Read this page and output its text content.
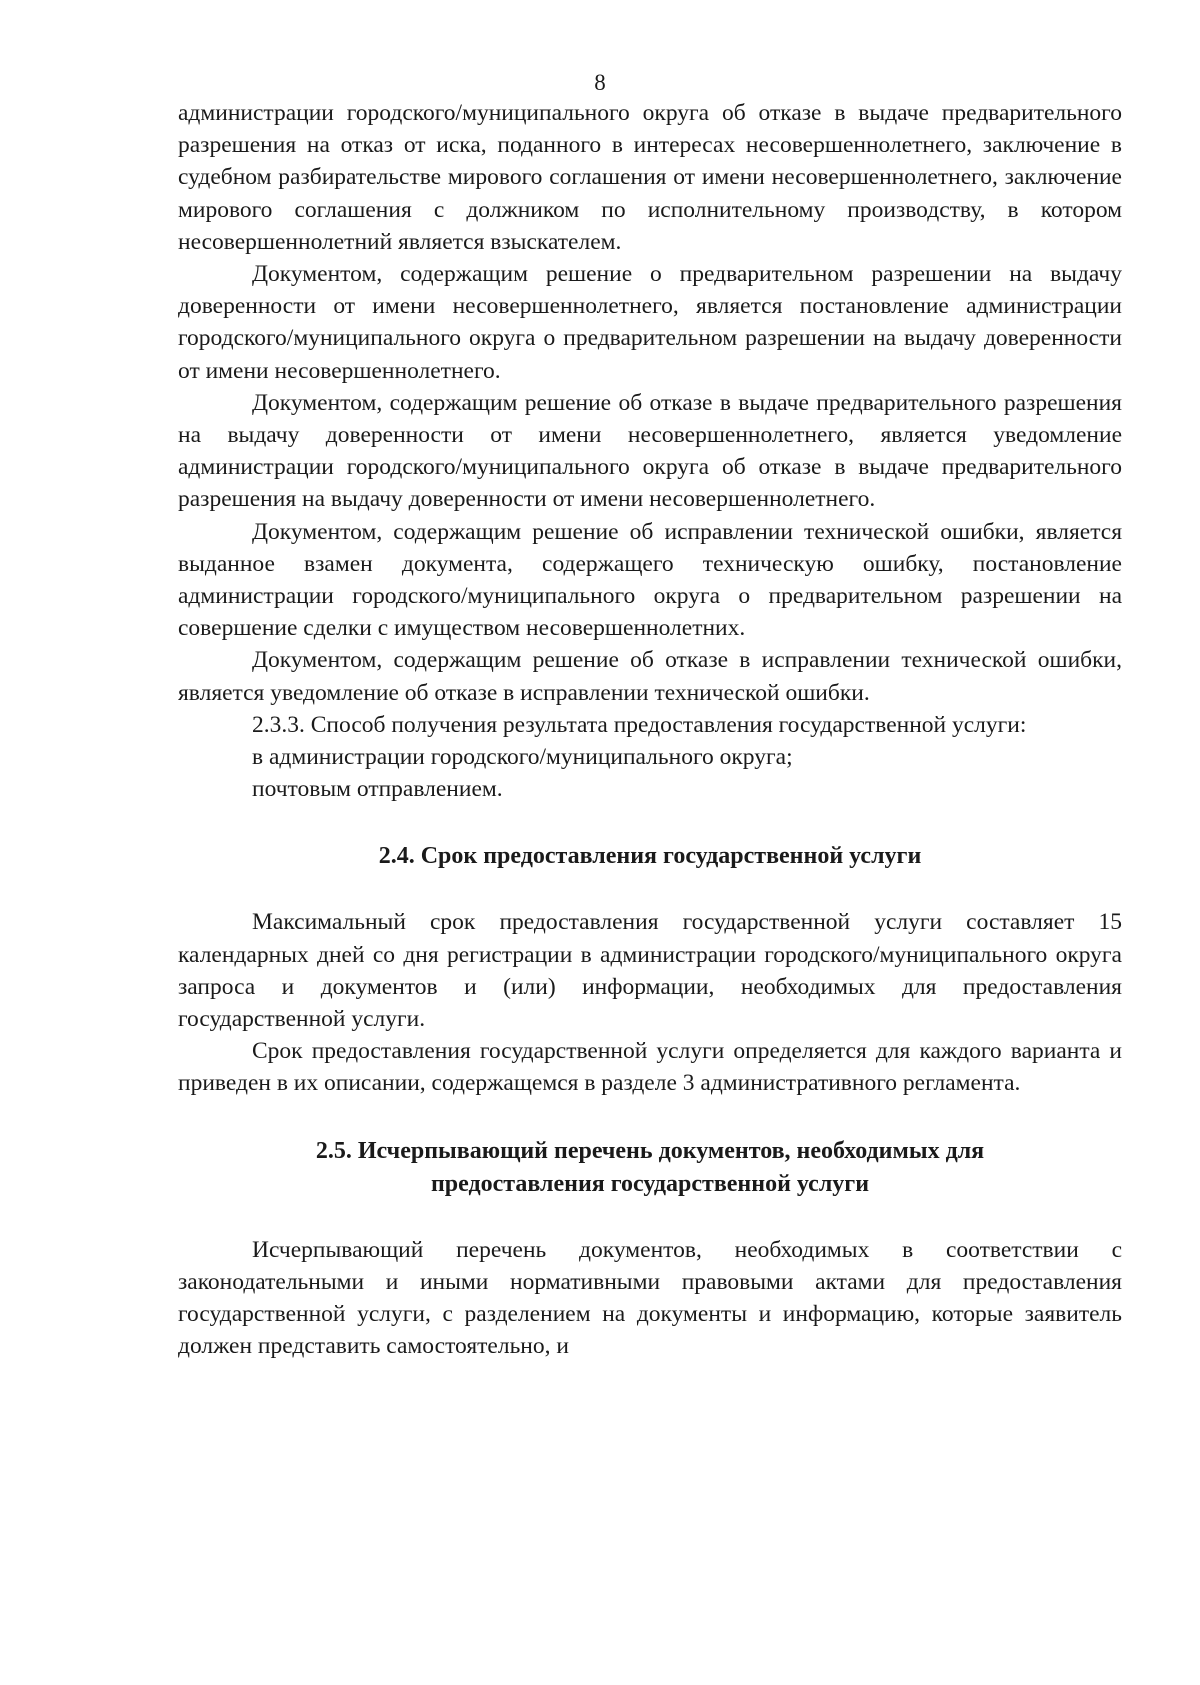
8

администрации городского/муниципального округа об отказе в выдаче предварительного разрешения на отказ от иска, поданного в интересах несовершеннолетнего, заключение в судебном разбирательстве мирового соглашения от имени несовершеннолетнего, заключение мирового соглашения с должником по исполнительному производству, в котором несовершеннолетний является взыскателем.

Документом, содержащим решение о предварительном разрешении на выдачу доверенности от имени несовершеннолетнего, является постановление администрации городского/муниципального округа о предварительном разрешении на выдачу доверенности от имени несовершеннолетнего.

Документом, содержащим решение об отказе в выдаче предварительного разрешения на выдачу доверенности от имени несовершеннолетнего, является уведомление администрации городского/муниципального округа об отказе в выдаче предварительного разрешения на выдачу доверенности от имени несовершеннолетнего.

Документом, содержащим решение об исправлении технической ошибки, является выданное взамен документа, содержащего техническую ошибку, постановление администрации городского/муниципального округа о предварительном разрешении на совершение сделки с имуществом несовершеннолетних.

Документом, содержащим решение об отказе в исправлении технической ошибки, является уведомление об отказе в исправлении технической ошибки.

2.3.3. Способ получения результата предоставления государственной услуги:

в администрации городского/муниципального округа;

почтовым отправлением.

2.4. Срок предоставления государственной услуги

Максимальный срок предоставления государственной услуги составляет 15 календарных дней со дня регистрации в администрации городского/муниципального округа запроса и документов и (или) информации, необходимых для предоставления государственной услуги.

Срок предоставления государственной услуги определяется для каждого варианта и приведен в их описании, содержащемся в разделе 3 административного регламента.

2.5. Исчерпывающий перечень документов, необходимых для
предоставления государственной услуги

Исчерпывающий перечень документов, необходимых в соответствии с законодательными и иными нормативными правовыми актами для предоставления государственной услуги, с разделением на документы и информацию, которые заявитель должен представить самостоятельно, и
